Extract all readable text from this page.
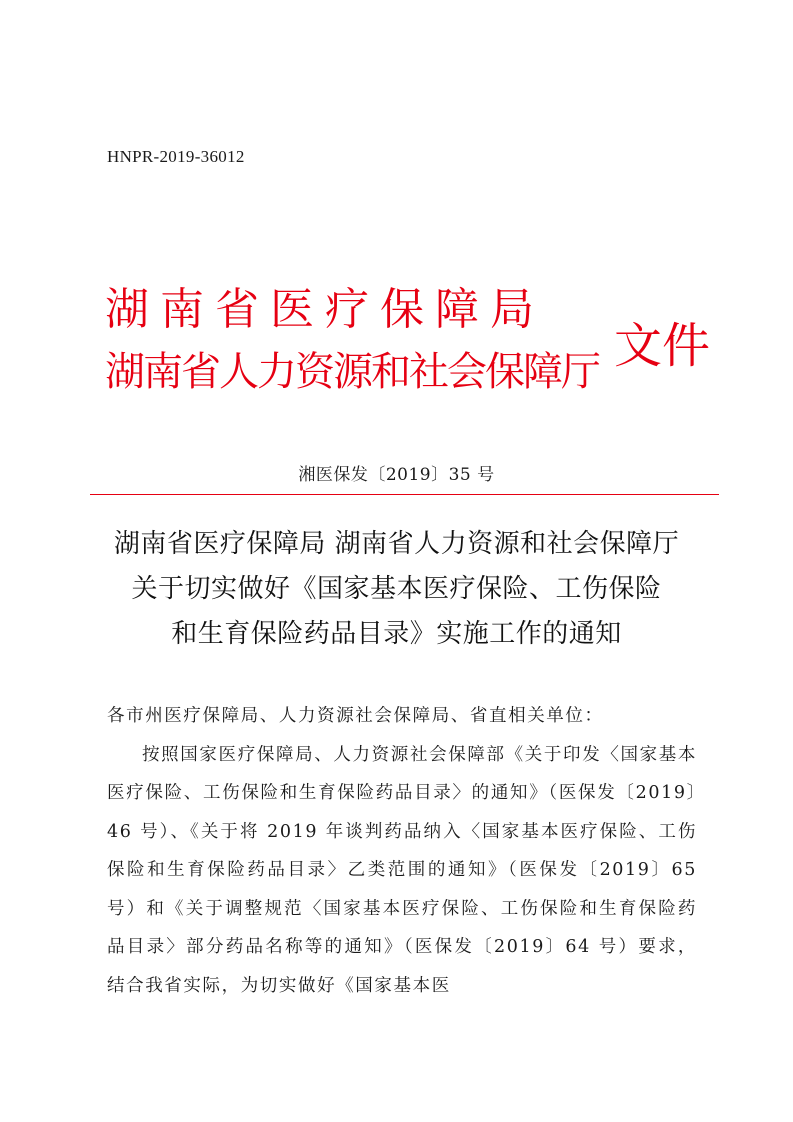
HNPR-2019-36012
湖南省医疗保障局
湖南省人力资源和社会保障厅 文件
湘医保发〔2019〕35 号
湖南省医疗保障局 湖南省人力资源和社会保障厅
关于切实做好《国家基本医疗保险、工伤保险
和生育保险药品目录》实施工作的通知
各市州医疗保障局、人力资源社会保障局、省直相关单位：
按照国家医疗保障局、人力资源社会保障部《关于印发〈国家基本医疗保险、工伤保险和生育保险药品目录〉的通知》（医保发〔2019〕46 号）、《关于将 2019 年谈判药品纳入〈国家基本医疗保险、工伤保险和生育保险药品目录〉乙类范围的通知》（医保发〔2019〕65 号）和《关于调整规范〈国家基本医疗保险、工伤保险和生育保险药品目录〉部分药品名称等的通知》（医保发〔2019〕64 号）要求，结合我省实际，为切实做好《国家基本医
